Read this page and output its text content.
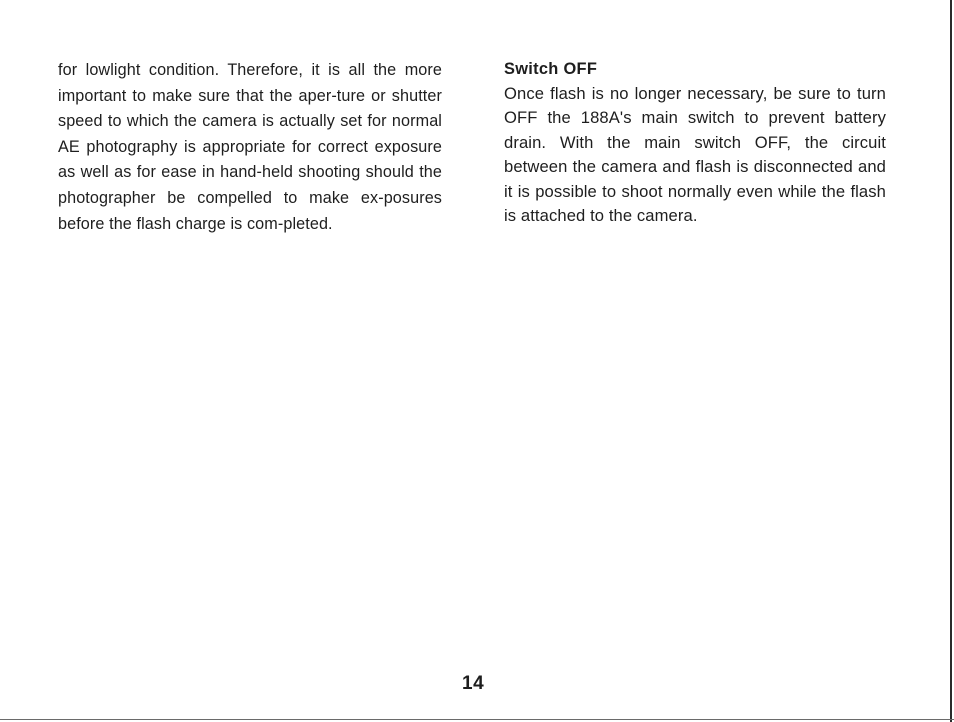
for lowlight condition. Therefore, it is all the more important to make sure that the aper-ture or shutter speed to which the camera is actually set for normal AE photography is appropriate for correct exposure as well as for ease in hand-held shooting should the photographer be compelled to make ex-posures before the flash charge is com-pleted.

Switch OFF

Once flash is no longer necessary, be sure to turn OFF the 188A's main switch to prevent battery drain. With the main switch OFF, the circuit between the camera and flash is disconnected and it is possible to shoot normally even while the flash is attached to the camera.

14
